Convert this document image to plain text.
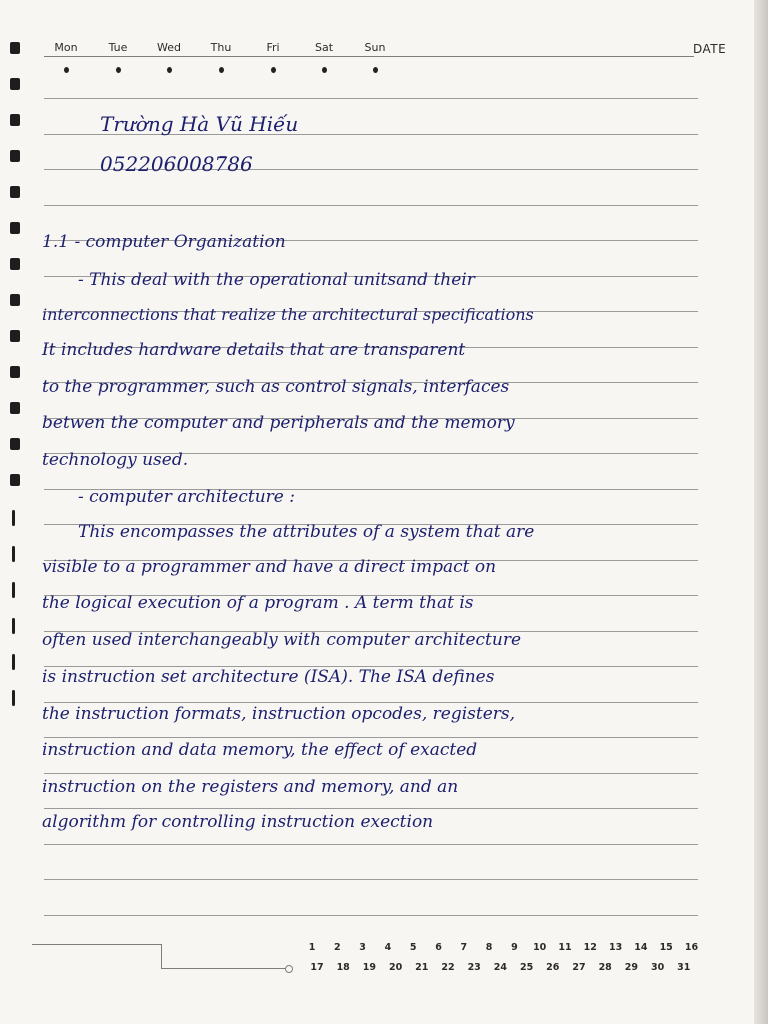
DATE
Mon	Tue	Wed	Thu	Fri	Sat	Sun
Trường Hà Vũ Hiếu
0522060087̄86
1.1 - computer Organization
- This deal with the operational unitsand their
interconnections that realize the architectural specifications
It includes hardware details that are transparent
to the programmer, such as control signals, interfaces
betwen the computer and peripherals and the memory
technology used.
- computer architecture :
This encompasses the attributes of a system that are
visible to a programmer and have a direct impact on
the logical execution of a program . A term that is
often used interchangeably with computer architecture
is instruction set architecture (ISA). The ISA defines
the instruction formats, instruction opcodes, registers,
instruction and data memory, the effect of exacted
instruction on the registers and memory, and an
algorithm for controlling instruction exection
1	2	3	4	5	6	7	8	9	10	11	12	13	14	15	16
17	18	19	20	21	22	23	24	25	26	27	28	29	30	31
